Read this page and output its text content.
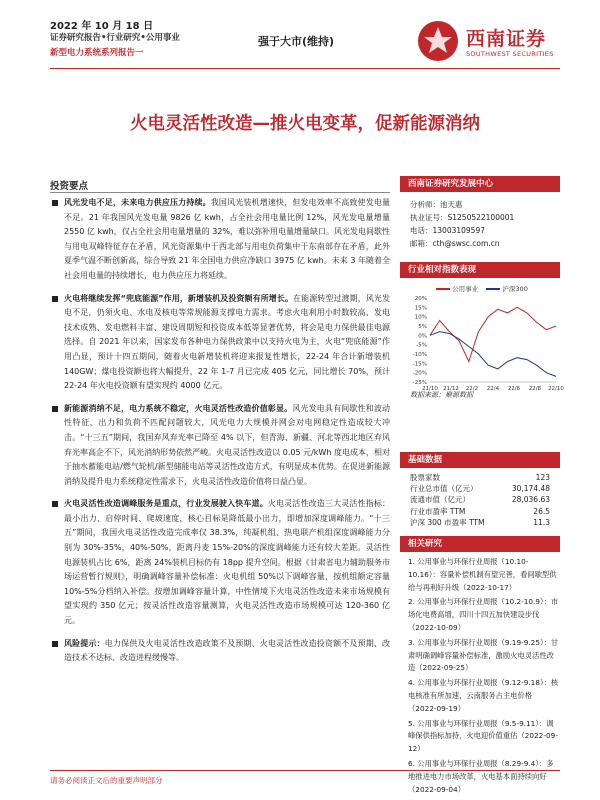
2022 年 10 月 18 日
证券研究报告•行业研究•公用事业
新型电力系统系列报告一
强于大市(维持)	西南证券
SOUTHWEST SECURITIES
火电灵活性改造—推火电变革，促新能源消纳
投资要点
风光发电不足，未来电力供应压力持续。我国风光装机增速快，但发电效率不高致使发电量不足。21 年我国风光发电量 9826 亿 kwh，占全社会用电量比例 12%，风光发电量增量 2550 亿 kwh，仅占全社会用电量增量的 32%，难以弥补用电量增量缺口。风光发电间歇性与用电双峰特征存在矛盾，风光资源集中于西北部与用电负荷集中于东南部存在矛盾，此外夏季气温不断创新高，综合导致 21 年全国电力供应净缺口 3975 亿 kwh。未来 3 年随着全社会用电量的持续增长，电力供应压力将延续。
火电将继续发挥“兜底能源”作用，新增装机及投资额有所增长。在能源转型过渡期，风光发电不足，仍须火电、水电及核电等常规能源支撑电力需求。考虑火电利用小时数较高、发电技术成熟、发电燃料丰富、建设周期短和投资成本低等显著优势，将会是电力保供最佳电源选择。自 2021 年以来，国家发布各种电力保供政策中以支持火电为主，火电“兜底能源”作用凸显，预计十四五期间，随着火电新增装机将迎来报复性增长，22-24 年合计新增装机 140GW；煤电投资额也将大幅提升，22 年 1-7 月已完成 405 亿元，同比增长 70%，预计 22-24 年火电投资额有望实现约 4000 亿元。
新能源消纳不足，电力系统不稳定，火电灵活性改造价值彰显。风光发电具有间歇性和波动性特征，出力和负荷不匹配问题较大，风光电力大规模并网会对电网稳定性造成较大冲击。“十三五”期间，我国弃风弃光率已降至 4% 以下，但青海、新疆、河北等西北地区弃风弃光率高企不下，风光消纳形势依然严峻。火电灵活性改造以 0.05 元/kWh 度电成本，相对于抽水蓄能电站/燃气轮机/新型储能电站等灵活性改造方式，有明显成本优势。在促进新能源消纳及提升电力系统稳定性需求下，火电灵活性改造价值将日益凸显。
火电灵活性改造调峰服务是重点，行业发展驶入快车道。火电灵活性改造三大灵活性指标：最小出力、启停时间、爬坡速度，核心目标是降低最小出力，即增加深度调峰能力。“十三五”期间，我国火电灵活性改造完成率仅 38.3%，纯凝机组、热电联产机组深度调峰能力分别为 30%-35%，40%-50%，距离丹麦 15%-20%的深度调峰能力还有较大差距。灵活性电源装机占比 6%，距离 24%装机目标仍有 18pp 提升空间。根据《甘肃省电力辅助服务市场运营暂行规则》，明确调峰容量补偿标准：火电机组 50%以下调峰容量，按机组额定容量 10%-5%分档纳入补偿。按增加调峰容量计算，中性情境下火电灵活性改造未来市场规模有望实现约 350 亿元；按灵活性改造容量测算，火电灵活性改造市场规模可达 120-360 亿元。
风险提示：电力保供及火电灵活性改造政策不及预期、火电灵活性改造投资额不及预期、改造技术不达标、改造进程缓慢等。
西南证券研究发展中心
分析师：池天惠
执业证号：S1250522100001
电话：13003109597
邮箱：cth@swsc.com.cn
行业相对指数表现
公用事业	沪深300
20%
15%
10%
5%
0%
-5%
-10%
-15%
-20%
-25%
21/10 21/12 22/2 22/4 22/6 22/8 22/10
数据来源：聚源数据
基础数据
股票家数	123
行业总市值（亿元）	30,174.48
流通市值（亿元）	28,036.63
行业市盈率 TTM	26.5
沪深 300 市盈率 TTM	11.3
相关研究
1. 公用事业与环保行业周报（10.10-10.16）：容量补偿机制有望完善，看间歇型供给与再利好升级（2022-10-17）
2. 公用事业与环保行业周报（10.2-10.9）：市场化电费高增，四川十四五加快建设步伐（2022-10-09）
3. 公用事业与环保行业周报（9.19-9.25）：甘肃明确调峰容量补偿标准，激励火电灵活性改造（2022-09-25）
4. 公用事业与环保行业周报（9.12-9.18）：核电核准有所加速，云南服务占主电价格（2022-09-19）
5. 公用事业与环保行业周报（9.5-9.11）：调峰保供指标加持，火电迎价值重估（2022-09-12）
6. 公用事业与环保行业周报（8.29-9.4）：多地推进电力市场改革，火电基本面持续向好（2022-09-04）
请务必阅读正文后的重要声明部分
